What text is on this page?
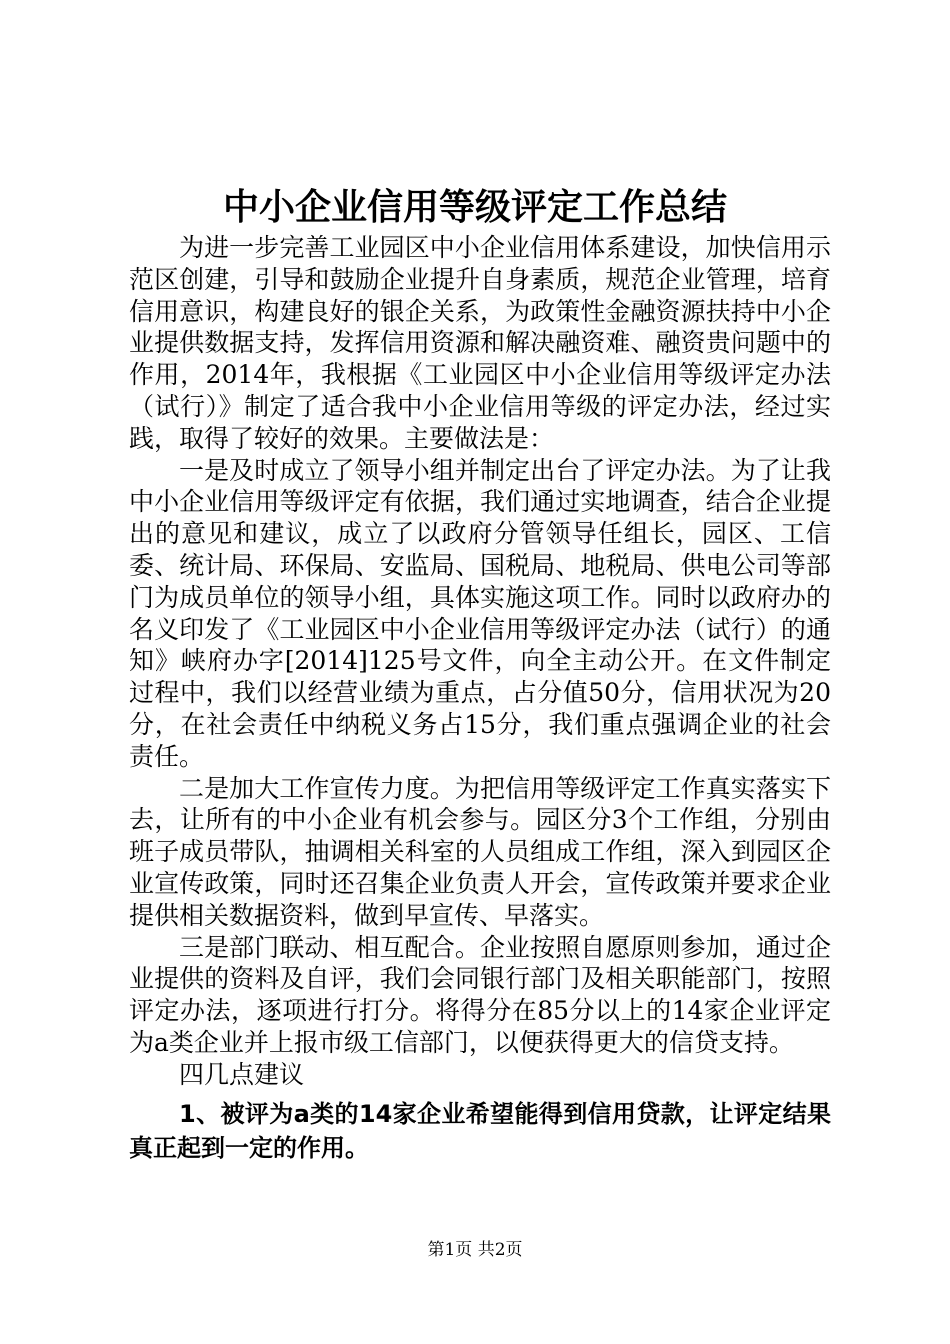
中小企业信用等级评定工作总结

为进一步完善工业园区中小企业信用体系建设，加快信用示范区创建，引导和鼓励企业提升自身素质，规范企业管理，培育信用意识，构建良好的银企关系，为政策性金融资源扶持中小企业提供数据支持，发挥信用资源和解决融资难、融资贵问题中的作用，2014年，我根据《工业园区中小企业信用等级评定办法（试行）》制定了适合我中小企业信用等级的评定办法，经过实践，取得了较好的效果。主要做法是：

一是及时成立了领导小组并制定出台了评定办法。为了让我中小企业信用等级评定有依据，我们通过实地调查，结合企业提出的意见和建议，成立了以政府分管领导任组长，园区、工信委、统计局、环保局、安监局、国税局、地税局、供电公司等部门为成员单位的领导小组，具体实施这项工作。同时以政府办的名义印发了《工业园区中小企业信用等级评定办法（试行）的通知》峡府办字[2014]125号文件，向全主动公开。在文件制定过程中，我们以经营业绩为重点，占分值50分，信用状况为20分，在社会责任中纳税义务占15分，我们重点强调企业的社会责任。

二是加大工作宣传力度。为把信用等级评定工作真实落实下去，让所有的中小企业有机会参与。园区分3个工作组，分别由班子成员带队，抽调相关科室的人员组成工作组，深入到园区企业宣传政策，同时还召集企业负责人开会，宣传政策并要求企业提供相关数据资料，做到早宣传、早落实。

三是部门联动、相互配合。企业按照自愿原则参加，通过企业提供的资料及自评，我们会同银行部门及相关职能部门，按照评定办法，逐项进行打分。将得分在85分以上的14家企业评定为a类企业并上报市级工信部门，以便获得更大的信贷支持。

四几点建议

1、被评为a类的14家企业希望能得到信用贷款，让评定结果真正起到一定的作用。

第1页 共2页
